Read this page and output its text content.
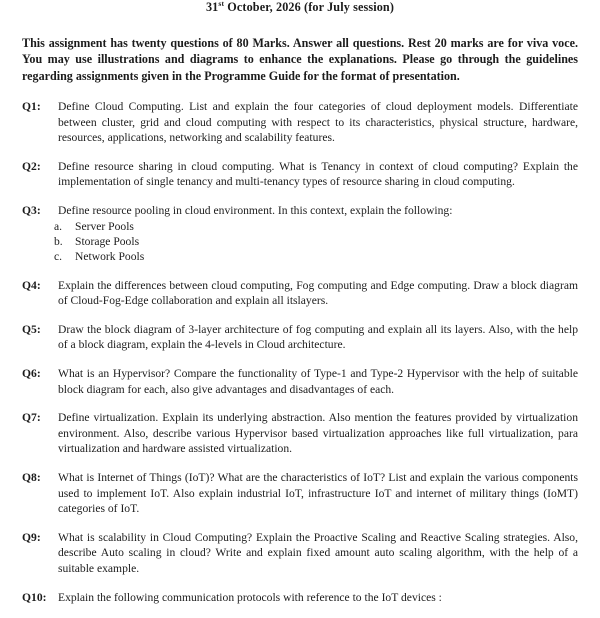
31st October, 2026 (for July session)

This assignment has twenty questions of 80 Marks. Answer all questions. Rest 20 marks are for viva voce. You may use illustrations and diagrams to enhance the explanations. Please go through the guidelines regarding assignments given in the Programme Guide for the format of presentation.

Q1:	Define Cloud Computing. List and explain the four categories of cloud deployment models. Differentiate between cluster, grid and cloud computing with respect to its characteristics, physical structure, hardware, resources, applications, networking and scalability features.
Q2:	Define resource sharing in cloud computing. What is Tenancy in context of cloud computing? Explain the implementation of single tenancy and multi-tenancy types of resource sharing in cloud computing.
Q3:	Define resource pooling in cloud environment. In this context, explain the following:
a. Server Pools
b. Storage Pools
c. Network Pools
Q4:	Explain the differences between cloud computing, Fog computing and Edge computing. Draw a block diagram of Cloud-Fog-Edge collaboration and explain all itslayers.
Q5:	Draw the block diagram of 3-layer architecture of fog computing and explain all its layers. Also, with the help of a block diagram, explain the 4-levels in Cloud architecture.
Q6:	What is an Hypervisor? Compare the functionality of Type-1 and Type-2 Hypervisor with the help of suitable block diagram for each, also give advantages and disadvantages of each.
Q7:	Define virtualization. Explain its underlying abstraction. Also mention the features provided by virtualization environment. Also, describe various Hypervisor based virtualization approaches like full virtualization, para virtualization and hardware assisted virtualization.
Q8:	What is Internet of Things (IoT)? What are the characteristics of IoT? List and explain the various components used to implement IoT. Also explain industrial IoT, infrastructure IoT and internet of military things (IoMT) categories of IoT.
Q9:	What is scalability in Cloud Computing? Explain the Proactive Scaling and Reactive Scaling strategies. Also, describe Auto scaling in cloud? Write and explain fixed amount auto scaling algorithm, with the help of a suitable example.
Q10: Explain the following communication protocols with reference to the IoT devices :
